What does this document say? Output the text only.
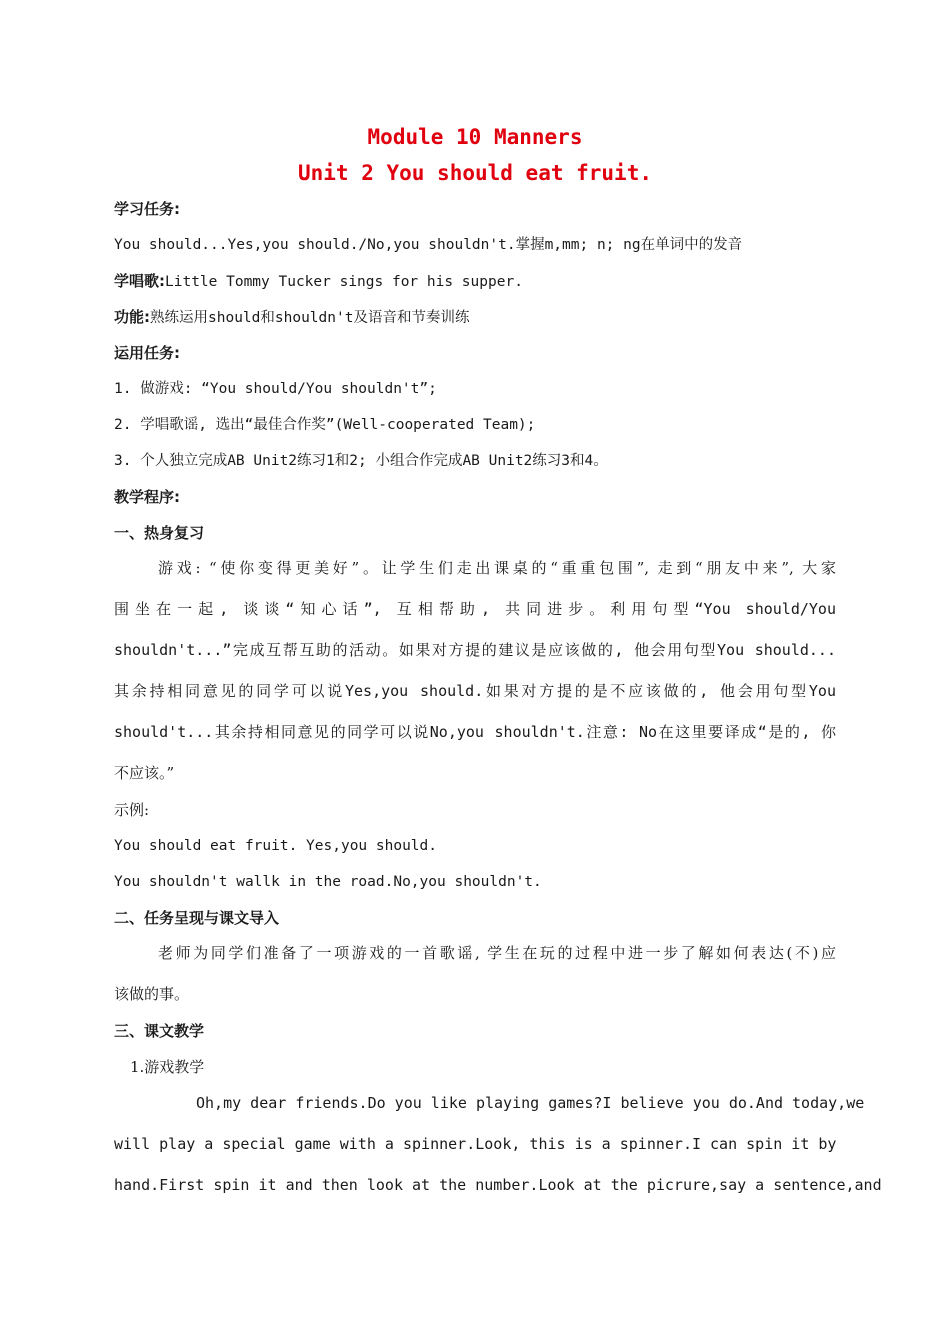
Module 10 Manners
Unit 2 You should eat fruit.
学习任务:
You should...Yes,you should./No,you shouldn't.掌握m,mm; n; ng在单词中的发音
学唱歌:Little Tommy Tucker sings for his supper.
功能:熟练运用should和shouldn't及语音和节奏训练
运用任务:
1. 做游戏: “You should/You shouldn't”;
2. 学唱歌谣, 选出“最佳合作奖”(Well-cooperated Team);
3. 个人独立完成AB Unit2练习1和2; 小组合作完成AB Unit2练习3和4。
教学程序:
一、热身复习
游戏: “使你变得更美好”。让学生们走出课桌的“重重包围”, 走到“朋友中来”, 大家
围坐在一起, 谈谈“知心话”, 互相帮助, 共同进步。利用句型“You should/You
shouldn't...”完成互帮互助的活动。如果对方提的建议是应该做的, 他会用句型You should...
其余持相同意见的同学可以说Yes,you should.如果对方提的是不应该做的, 他会用句型You
should't...其余持相同意见的同学可以说No,you shouldn't.注意: No在这里要译成“是的, 你
不应该。”
示例:
You should eat fruit. Yes,you should.
You shouldn't wallk in the road.No,you shouldn't.
二、任务呈现与课文导入
老师为同学们准备了一项游戏的一首歌谣, 学生在玩的过程中进一步了解如何表达(不)应
该做的事。
三、课文教学
1.游戏教学
Oh,my dear friends.Do you like playing games?I believe you do.And today,we
will play a special game with a spinner.Look, this is a spinner.I can spin it by
hand.First spin it and then look at the number.Look at the picrure,say a sentence,and
